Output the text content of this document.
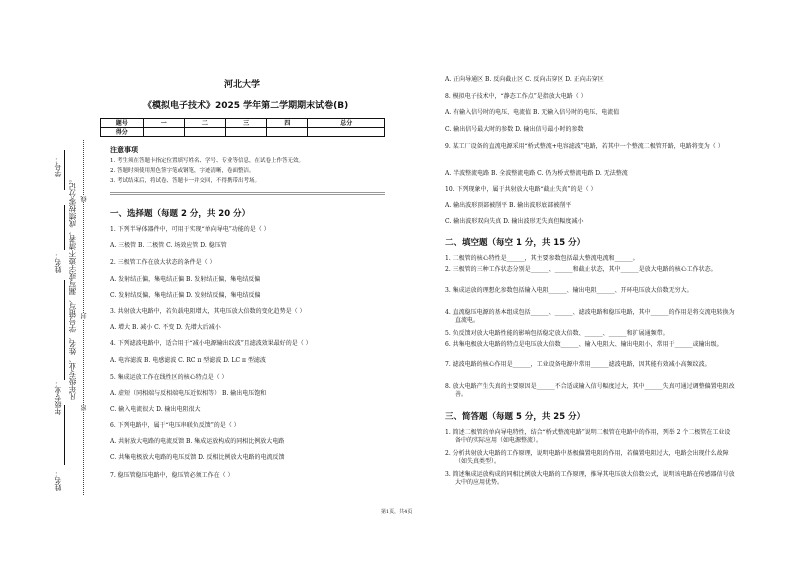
学号：
姓名：
年级专业：
姓名：
凡年级专业、姓名、学号错写、漏写或字迹不清者，成绩按零分记。 线
封
密
河北大学
《模拟电子技术》2025 学年第二学期期末试卷(B)
题号	一	二	三	四	总分
得分					
注意事项
1. 考生须在答题卡指定位置填写姓名、学号、专业等信息，在试卷上作答无效。
2. 答题时须使用黑色签字笔或钢笔，字迹清晰，卷面整洁。
3. 考试结束后，将试卷、答题卡一并交回，不得携带出考场。
一、选择题（每题 2 分，共 20 分）
1. 下列半导体器件中，可用于实现“单向导电”功能的是（ ）
A. 三极管 B. 二极管 C. 场效应管 D. 稳压管
2. 三极管工作在放大状态的条件是（ ）
A. 发射结正偏，集电结正偏 B. 发射结正偏，集电结反偏
C. 发射结反偏，集电结正偏 D. 发射结反偏，集电结反偏
3. 共射放大电路中，若负载电阻增大，其电压放大倍数的变化趋势是（ ）
A. 增大 B. 减小 C. 不变 D. 先增大后减小
4. 下列滤波电路中，适合用于“减小电源输出纹波”且滤波效果最好的是（ ）
A. 电容滤波 B. 电感滤波 C. RC π 型滤波 D. LC π 型滤波
5. 集成运放工作在线性区的核心特点是（ ）
A. 虚短（同相端与反相端电压近似相等） B. 输出电压饱和
C. 输入电流很大 D. 输出电阻很大
6. 下列电路中，属于“电压串联负反馈”的是（ ）
A. 共射放大电路的电流反馈 B. 集成运放构成的同相比例放大电路
C. 共集电极放大电路的电压反馈 D. 反相比例放大电路的电流反馈
7. 稳压管稳压电路中，稳压管必须工作在（ ）
A. 正向导通区 B. 反向截止区 C. 反向击穿区 D. 正向击穿区
8. 模拟电子技术中，“静态工作点”是指放大电路（ ）
A. 有输入信号时的电压、电流值 B. 无输入信号时的电压、电流值
C. 输出信号最大时的参数 D. 输出信号最小时的参数
9. 某工厂设备的直流电源采用“桥式整流+电容滤波”电路，若其中一个整流二极管开路，电路将变为（ ）
A. 半波整流电路 B. 全波整流电路 C. 仍为桥式整流电路 D. 无法整流
10. 下列现象中，属于共射放大电路“截止失真”的是（ ）
A. 输出波形顶部被削平 B. 输出波形底部被削平
C. 输出波形双向失真 D. 输出波形无失真但幅度减小
二、填空题（每空 1 分，共 15 分）
1. 二极管的核心特性是______，其主要参数包括最大整流电流和______。
2. 三极管的三种工作状态分别是______、______和截止状态，其中______是放大电路的核心工作状态。
3. 集成运放的理想化参数包括输入电阻______、输出电阻______、开环电压放大倍数无穷大。
4. 直流稳压电源的基本组成包括______、______、滤波电路和稳压电路，其中______的作用是将交流电转换为直流电。
5. 负反馈对放大电路性能的影响包括稳定放大倍数、______、______和扩展通频带。
6. 共集电极放大电路的特点是电压放大倍数______、输入电阻大、输出电阻小，常用于______或输出级。
7. 滤波电路的核心作用是______，工业设备电源中常用______滤波电路，因其能有效减小高频纹波。
8. 放大电路产生失真的主要原因是______不合适或输入信号幅度过大，其中______失真可通过调整偏置电阻改善。
三、简答题（每题 5 分，共 25 分）
1. 简述二极管的单向导电特性，结合“桥式整流电路”说明二极管在电路中的作用，列举 2 个二极管在工业设备中的实际应用（如电源整流）。
2. 分析共射放大电路的工作原理，说明电路中基极偏置电阻的作用，若偏置电阻过大，电路会出现什么故障（如失真类型）。
3. 简述集成运放构成的同相比例放大电路的工作原理，推导其电压放大倍数公式，说明该电路在传感器信号放大中的应用优势。
第1页，共4页
